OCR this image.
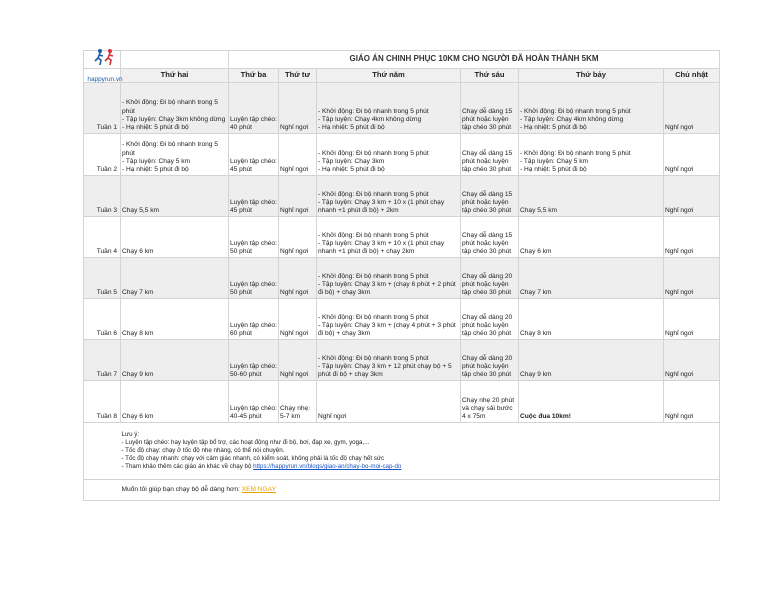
happyrun.vn		GIÁO ÁN CHINH PHỤC 10KM CHO NGƯỜI ĐÃ HOÀN THÀNH 5KM					
	Thứ hai	Thứ ba	Thứ tư	Thứ năm	Thứ sáu	Thứ bảy	Chủ nhật
Tuần 1	- Khởi động: Đi bộ nhanh trong 5 phút
- Tập luyện: Chạy 3km không dừng
- Hạ nhiệt: 5 phút đi bộ	Luyện tập chéo: 40 phút	Nghỉ ngơi	- Khởi động: Đi bộ nhanh trong 5 phút
- Tập luyện: Chạy 4km không dừng
- Hạ nhiệt: 5 phút đi bộ	Chạy dễ dàng 15 phút hoặc luyện tập chéo 30 phút	- Khởi động: Đi bộ nhanh trong 5 phút
- Tập luyện: Chạy 4km không dừng
- Hạ nhiệt: 5 phút đi bộ	Nghỉ ngơi
Tuần 2	- Khởi động: Đi bộ nhanh trong 5 phút
- Tập luyện: Chạy 5 km
- Hạ nhiệt: 5 phút đi bộ	Luyện tập chéo: 45 phút	Nghỉ ngơi	- Khởi động: Đi bộ nhanh trong 5 phút
- Tập luyện: Chạy 3km
- Hạ nhiệt: 5 phút đi bộ	Chạy dễ dàng 15 phút hoặc luyện tập chéo 30 phút	- Khởi động: Đi bộ nhanh trong 5 phút
- Tập luyện: Chạy 5 km
- Hạ nhiệt: 5 phút đi bộ	Nghỉ ngơi
Tuần 3	Chạy 5,5 km	Luyện tập chéo: 45 phút	Nghỉ ngơi	- Khởi động: Đi bộ nhanh trong 5 phút
- Tập luyện: Chạy 3 km + 10 x (1 phút chạy nhanh +1 phút đi bộ) + 2km	Chạy dễ dàng 15 phút hoặc luyện tập chéo 30 phút	Chạy 5,5 km	Nghỉ ngơi
Tuần 4	Chạy 6 km	Luyện tập chéo: 50 phút	Nghỉ ngơi	- Khởi động: Đi bộ nhanh trong 5 phút
- Tập luyện: Chạy 3 km + 10 x (1 phút chạy nhanh +1 phút đi bộ) + chạy 2km	Chạy dễ dàng 15 phút hoặc luyện tập chéo 30 phút	Chạy 6 km	Nghỉ ngơi
Tuần 5	Chạy 7 km	Luyện tập chéo: 50 phút	Nghỉ ngơi	- Khởi động: Đi bộ nhanh trong 5 phút
- Tập luyện: Chạy 3 km + (chạy 6 phút + 2 phút đi bộ) + chạy 3km	Chạy dễ dàng 20 phút hoặc luyện tập chéo 30 phút	Chạy 7 km	Nghỉ ngơi
Tuần 6	Chạy 8 km	Luyện tập chéo: 60 phút	Nghỉ ngơi	- Khởi động: Đi bộ nhanh trong 5 phút
- Tập luyện: Chạy 3 km + (chạy 4 phút + 3 phút đi bộ) + chạy 3km	Chạy dễ dàng 20 phút hoặc luyện tập chéo 30 phút	Chạy 8 km	Nghỉ ngơi
Tuần 7	Chạy 9 km	Luyện tập chéo: 50-60 phút	Nghỉ ngơi	- Khởi động: Đi bộ nhanh trong 5 phút
- Tập luyện: Chạy 3 km + 12 phút chạy bộ + 5 phút đi bộ + chạy 3km	Chạy dễ dàng 20 phút hoặc luyện tập chéo 30 phút	Chạy 9 km	Nghỉ ngơi
Tuần 8	Chạy 6 km	Luyện tập chéo: 40-45 phút	Chạy nhẹ: 5-7 km	Nghỉ ngơi	Chạy nhẹ 20 phút và chạy sải bước 4 x 75m	Cuộc đua 10km!	Nghỉ ngơi

	Lưu ý:
- Luyện tập chéo: hay luyện tập bổ trợ, các hoạt động như đi bộ, bơi, đạp xe, gym, yoga,...
- Tốc độ chạy: chạy ở tốc độ nhẹ nhàng, có thể nói chuyện.
- Tốc độ chạy nhanh: chạy với cảm giác nhanh, có kiểm soát, không phải là tốc độ chạy hết sức
- Tham khảo thêm các giáo án khác về chạy bộ https://happyrun.vn/blogs/giao-an/chay-bo-moi-cap-do						

	Muốn tôi giúp bạn chạy bộ dễ dàng hơn: XEM NGAY						
